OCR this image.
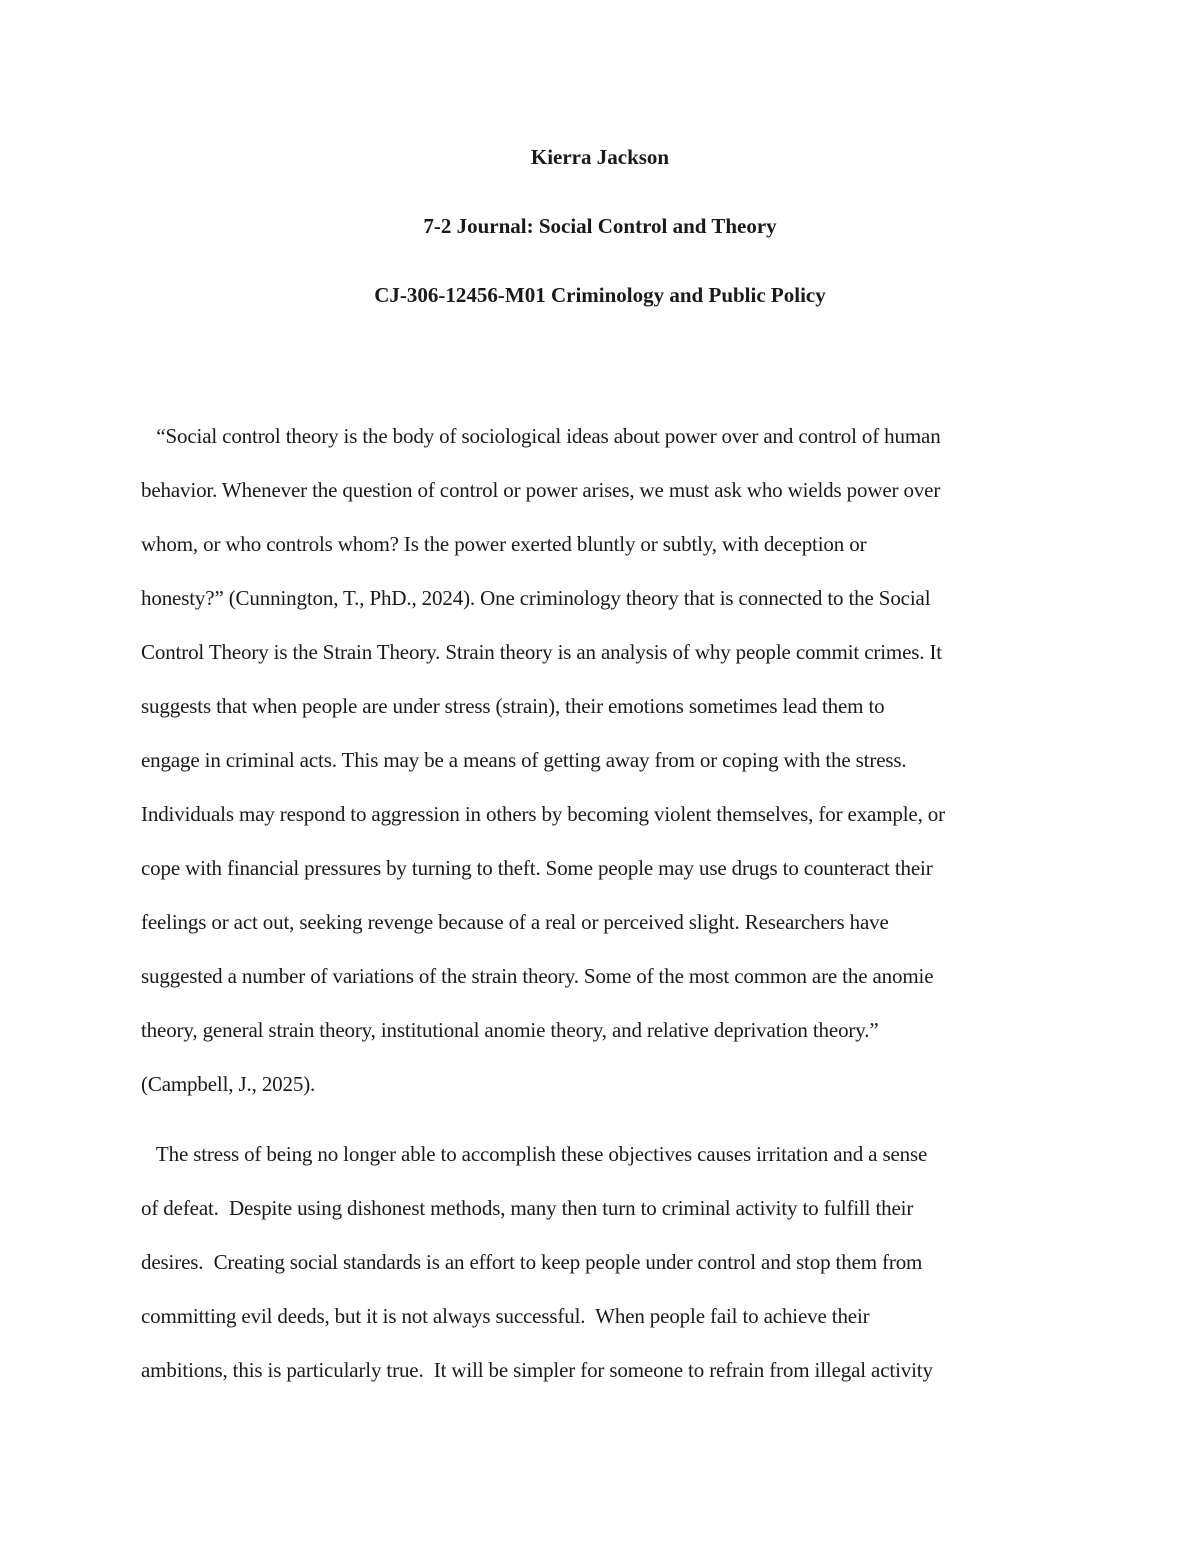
Kierra Jackson
7-2 Journal: Social Control and Theory
CJ-306-12456-M01 Criminology and Public Policy
“Social control theory is the body of sociological ideas about power over and control of human
behavior. Whenever the question of control or power arises, we must ask who wields power over
whom, or who controls whom? Is the power exerted bluntly or subtly, with deception or
honesty?” (Cunnington, T., PhD., 2024). One criminology theory that is connected to the Social
Control Theory is the Strain Theory. Strain theory is an analysis of why people commit crimes. It
suggests that when people are under stress (strain), their emotions sometimes lead them to
engage in criminal acts. This may be a means of getting away from or coping with the stress.
Individuals may respond to aggression in others by becoming violent themselves, for example, or
cope with financial pressures by turning to theft. Some people may use drugs to counteract their
feelings or act out, seeking revenge because of a real or perceived slight. Researchers have
suggested a number of variations of the strain theory. Some of the most common are the anomie
theory, general strain theory, institutional anomie theory, and relative deprivation theory.”
(Campbell, J., 2025).
The stress of being no longer able to accomplish these objectives causes irritation and a sense
of defeat.  Despite using dishonest methods, many then turn to criminal activity to fulfill their
desires.  Creating social standards is an effort to keep people under control and stop them from
committing evil deeds, but it is not always successful.  When people fail to achieve their
ambitions, this is particularly true.  It will be simpler for someone to refrain from illegal activity
